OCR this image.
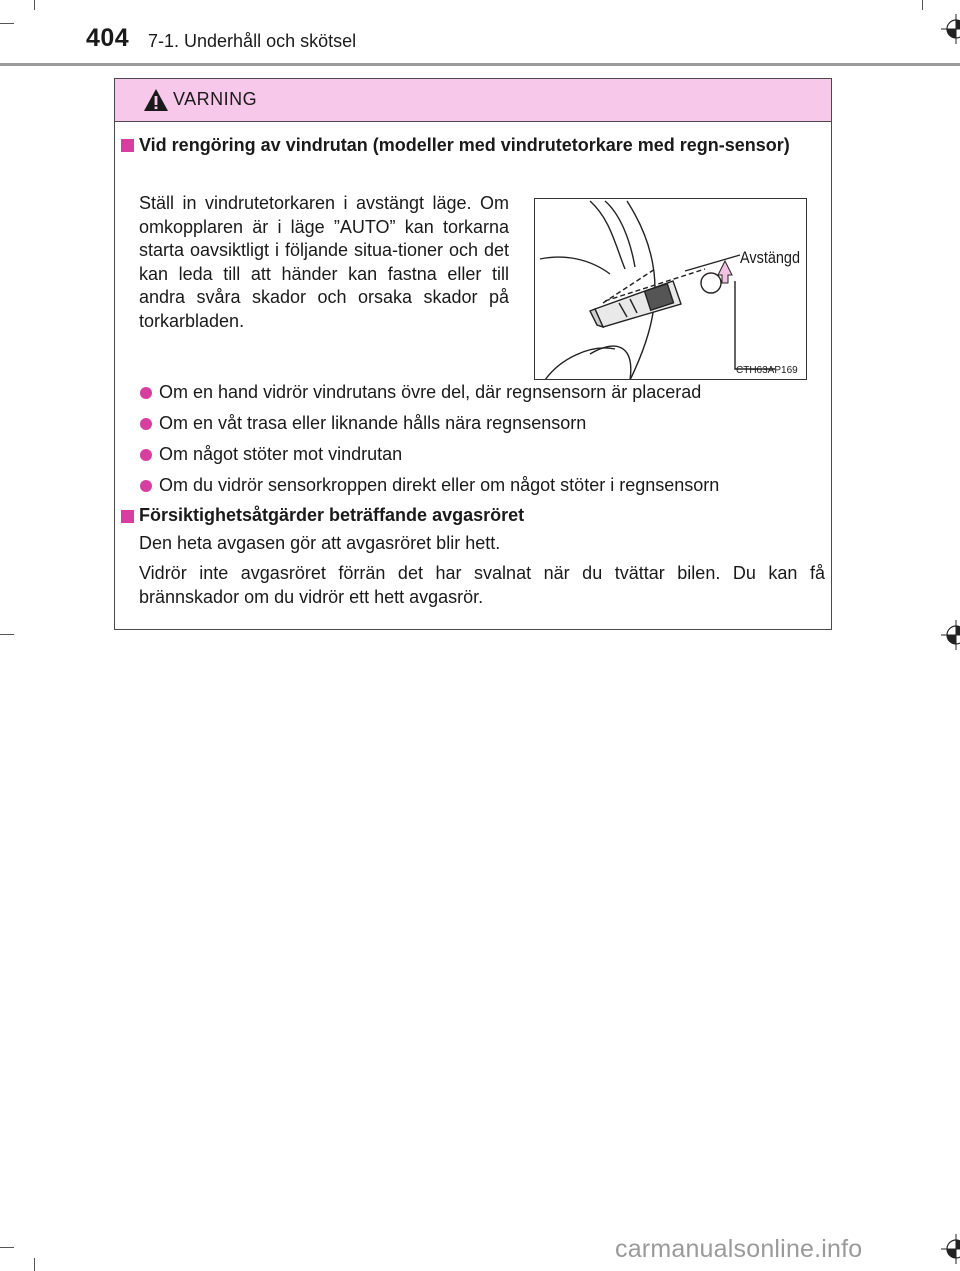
404 7-1. Underhåll och skötsel
VARNING
Vid rengöring av vindrutan (modeller med vindrutetorkare med regn-sensor)
Ställ in vindrutetorkaren i avstängt läge. Om omkopplaren är i läge ”AUTO” kan torkarna starta oavsiktligt i följande situa-tioner och det kan leda till att händer kan fastna eller till andra svåra skador och orsaka skador på torkarbladen.
Avstängd
CTH63AP169
Om en hand vidrör vindrutans övre del, där regnsensorn är placerad
Om en våt trasa eller liknande hålls nära regnsensorn
Om något stöter mot vindrutan
Om du vidrör sensorkroppen direkt eller om något stöter i regnsensorn
Försiktighetsåtgärder beträffande avgasröret
Den heta avgasen gör att avgasröret blir hett.
Vidrör inte avgasröret förrän det har svalnat när du tvättar bilen. Du kan få brännskador om du vidrör ett hett avgasrör.
carmanualsonline.info
